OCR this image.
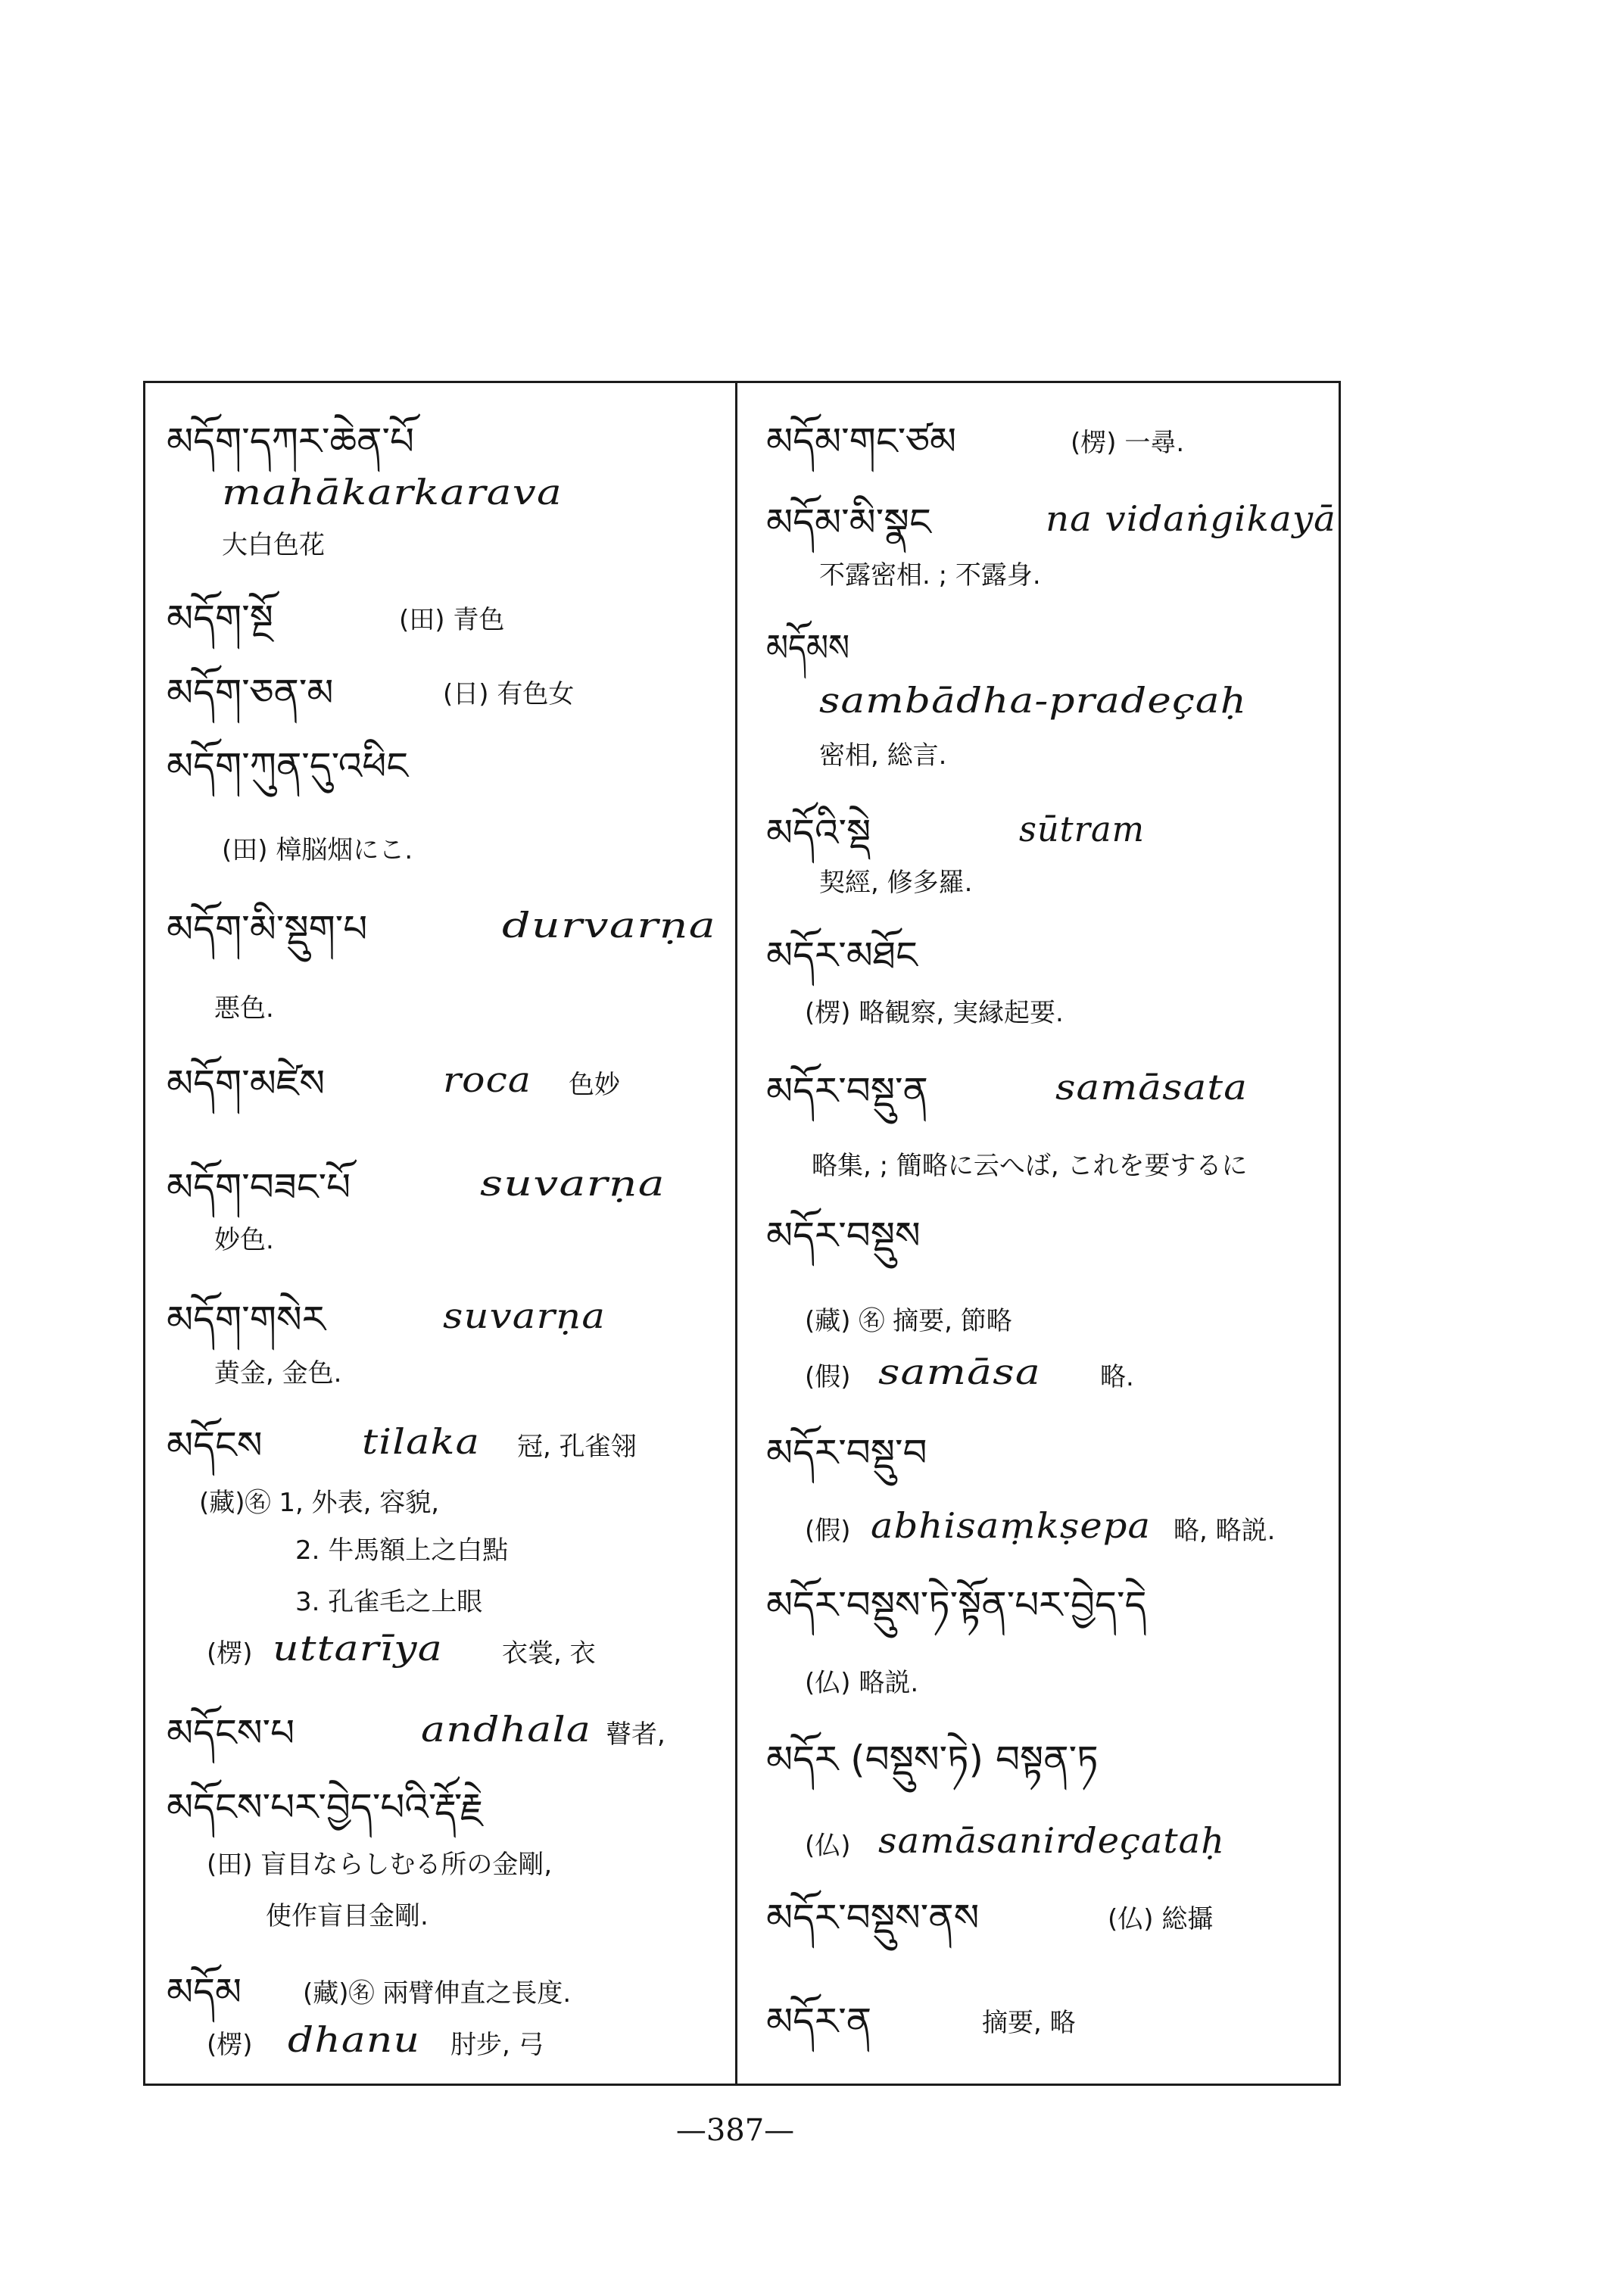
མདོག་དཀར་ཆེན་པོ
mahākarkarava
大白色花
མདོག་སྔོ	(田) 青色
མདོག་ཅན་མ	(日) 有色女
མདོག་ཀུན་དུ་འཕིང
(田) 樟脳烟にこ.
མདོག་མི་སྡུག་པ	durvarṇa
悪色.
མདོག་མཛེས	roca	色妙
མདོག་བཟང་པོ	suvarṇa
妙色.
མདོག་གསེར	suvarṇa
黄金, 金色.
མདོངས	tilaka	冠, 孔雀翎
(藏)㊔ 1, 外表, 容貌,
2. 牛馬額上之白點
3. 孔雀毛之上眼
(楞) uttarīya	衣裳, 衣
མདོངས་པ	andhala 瞽者,
མདོངས་པར་བྱེད་པའི་རྡོ་རྗེ
(田) 盲目ならしむる所の金剛,
使作盲目金剛.
མདོམ	(藏)㊔ 兩臂伸直之長度.
(楞) dhanu	肘步, 弓
མདོམ་གང་ཙམ	(楞) 一尋.
མདོམ་མི་སྣང	na vidaṅgikayā
不露密相. ; 不露身.
མདོམས
sambādha-pradeçaḥ
密相, 総言.
མདོའི་སྡེ	sūtram
契經, 修多羅.
མདོར་མཐོང
(楞) 略観察, 実縁起要.
མདོར་བསྡུ་ན	samāsata
略集, ; 簡略に云へば, これを要するに
མདོར་བསྡུས
(藏) ㊔ 摘要, 節略
(假) samāsa	略.
མདོར་བསྡུ་བ
(假) abhisaṃkṣepa 略, 略説.
མདོར་བསྡུས་ཏེ་སྟོན་པར་བྱེད་དེ
(仏) 略説.
མདོར (བསྡུས་ཏེ) བསྟན་ཏ
(仏) samāsanirdeçataḥ
མདོར་བསྡུས་ནས	(仏) 総攝
མདོར་ན	摘要, 略
—387—
